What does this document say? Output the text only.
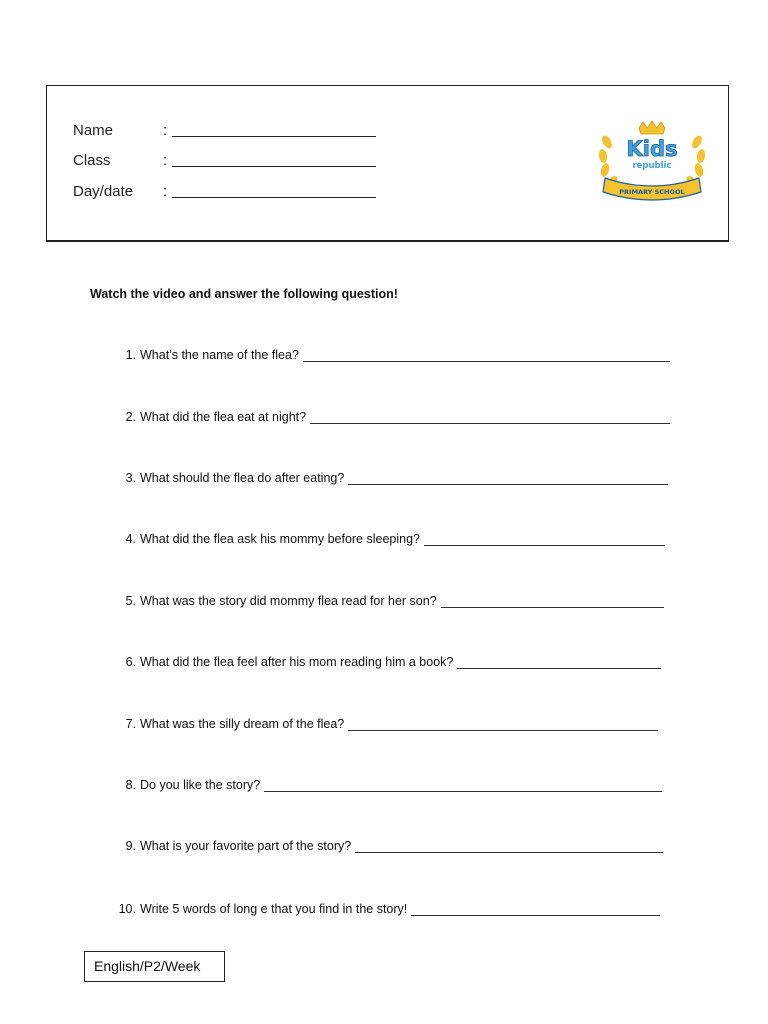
Name	:
Class	:
Day/date :
Kids
republic
PRIMARY SCHOOL
Watch the video and answer the following question!
1. What’s the name of the flea?
2. What did the flea eat at night?
3. What should the flea do after eating?
4. What did the flea ask his mommy before sleeping?
5. What was the story did mommy flea read for her son?
6. What did the flea feel after his mom reading him a book?
7. What was the silly dream of the flea?
8. Do you like the story?
9. What is your favorite part of the story?
10. Write 5 words of long e that you find in the story!
English/P2/Week
